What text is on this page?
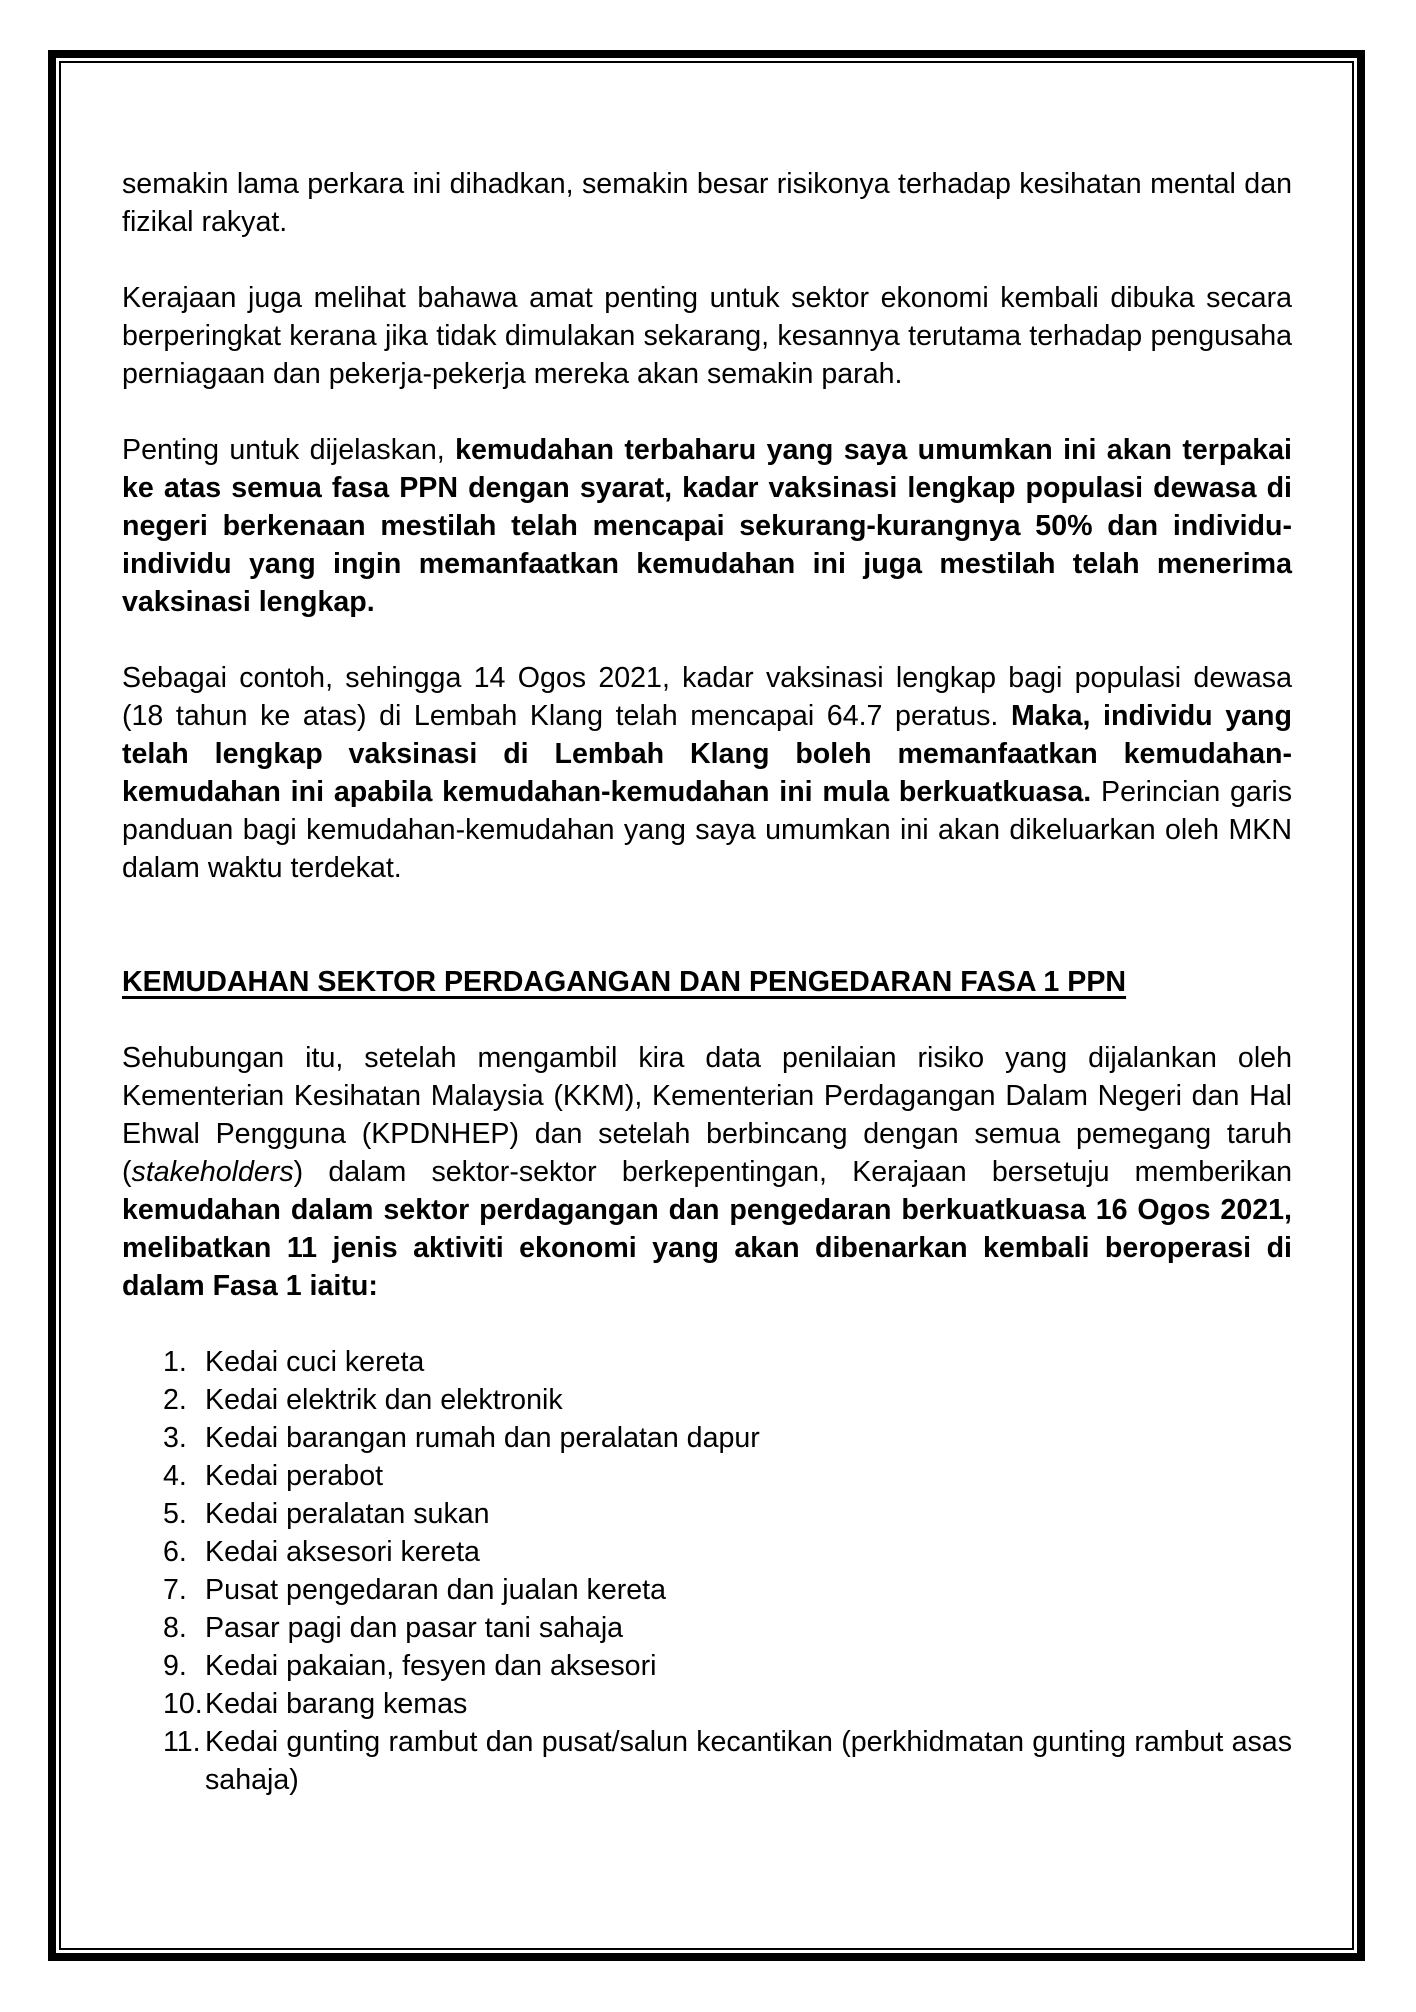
semakin lama perkara ini dihadkan, semakin besar risikonya terhadap kesihatan mental dan fizikal rakyat.

Kerajaan juga melihat bahawa amat penting untuk sektor ekonomi kembali dibuka secara berperingkat kerana jika tidak dimulakan sekarang, kesannya terutama terhadap pengusaha perniagaan dan pekerja-pekerja mereka akan semakin parah.

Penting untuk dijelaskan, kemudahan terbaharu yang saya umumkan ini akan terpakai ke atas semua fasa PPN dengan syarat, kadar vaksinasi lengkap populasi dewasa di negeri berkenaan mestilah telah mencapai sekurang-kurangnya 50% dan individu-individu yang ingin memanfaatkan kemudahan ini juga mestilah telah menerima vaksinasi lengkap.

Sebagai contoh, sehingga 14 Ogos 2021, kadar vaksinasi lengkap bagi populasi dewasa (18 tahun ke atas) di Lembah Klang telah mencapai 64.7 peratus. Maka, individu yang telah lengkap vaksinasi di Lembah Klang boleh memanfaatkan kemudahan-kemudahan ini apabila kemudahan-kemudahan ini mula berkuatkuasa. Perincian garis panduan bagi kemudahan-kemudahan yang saya umumkan ini akan dikeluarkan oleh MKN dalam waktu terdekat.

KEMUDAHAN SEKTOR PERDAGANGAN DAN PENGEDARAN FASA 1 PPN

Sehubungan itu, setelah mengambil kira data penilaian risiko yang dijalankan oleh Kementerian Kesihatan Malaysia (KKM), Kementerian Perdagangan Dalam Negeri dan Hal Ehwal Pengguna (KPDNHEP) dan setelah berbincang dengan semua pemegang taruh (stakeholders) dalam sektor-sektor berkepentingan, Kerajaan bersetuju memberikan kemudahan dalam sektor perdagangan dan pengedaran berkuatkuasa 16 Ogos 2021, melibatkan 11 jenis aktiviti ekonomi yang akan dibenarkan kembali beroperasi di dalam Fasa 1 iaitu:

1. Kedai cuci kereta
2. Kedai elektrik dan elektronik
3. Kedai barangan rumah dan peralatan dapur
4. Kedai perabot
5. Kedai peralatan sukan
6. Kedai aksesori kereta
7. Pusat pengedaran dan jualan kereta
8. Pasar pagi dan pasar tani sahaja
9. Kedai pakaian, fesyen dan aksesori
10. Kedai barang kemas
11. Kedai gunting rambut dan pusat/salun kecantikan (perkhidmatan gunting rambut asas sahaja)
